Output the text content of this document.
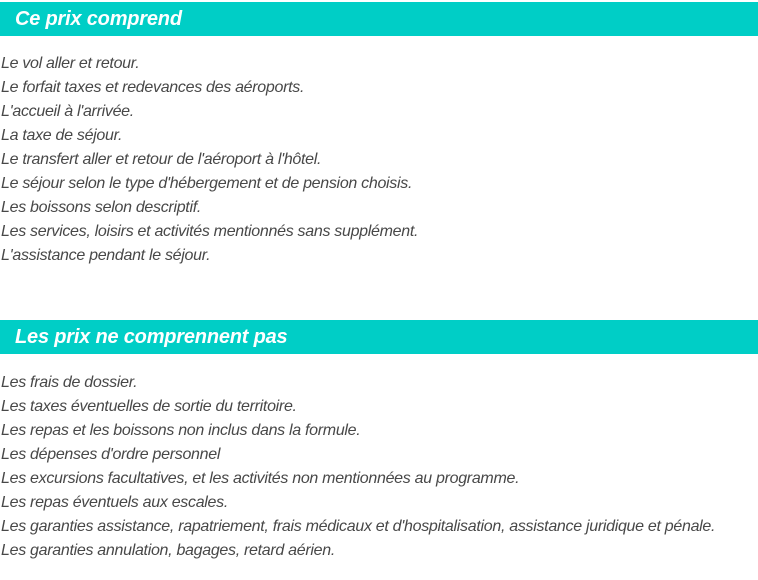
Ce prix comprend

Le vol aller et retour.

Le forfait taxes et redevances des aéroports.

L'accueil à l'arrivée.

La taxe de séjour.

Le transfert aller et retour de l'aéroport à l'hôtel.

Le séjour selon le type d'hébergement et de pension choisis.

Les boissons selon descriptif.

Les services, loisirs et activités mentionnés sans supplément.

L'assistance pendant le séjour.

Les prix ne comprennent pas

Les frais de dossier.

Les taxes éventuelles de sortie du territoire.

Les repas et les boissons non inclus dans la formule.

Les dépenses d'ordre personnel

Les excursions facultatives, et les activités non mentionnées au programme.

Les repas éventuels aux escales.

Les garanties assistance, rapatriement, frais médicaux et d'hospitalisation, assistance juridique et pénale.

Les garanties annulation, bagages, retard aérien.
